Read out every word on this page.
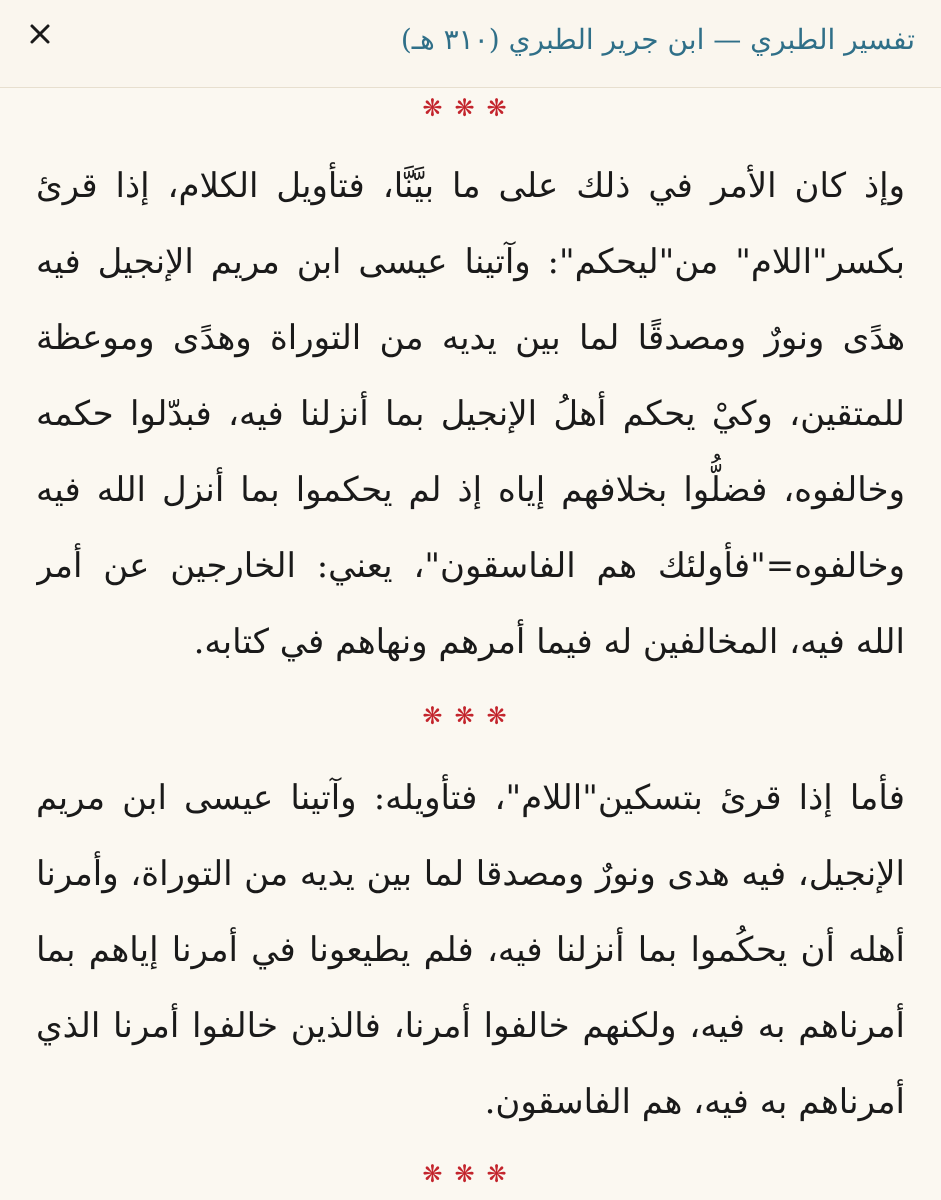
تفسير الطبري — ابن جرير الطبري (٣١٠ هـ)
❋❋❋

وإذ كان الأمر في ذلك على ما بيَّنَّا، فتأويل الكلام، إذا قرئ بكسر"اللام" من"ليحكم": وآتينا عيسى ابن مريم الإنجيل فيه هدًى ونورٌ ومصدقًا لما بين يديه من التوراة وهدًى وموعظة للمتقين، وكيْ يحكم أهلُ الإنجيل بما أنزلنا فيه، فبدّلوا حكمه وخالفوه، فضلُّوا بخلافهم إياه إذ لم يحكموا بما أنزل الله فيه وخالفوه="فأولئك هم الفاسقون"، يعني: الخارجين عن أمر الله فيه، المخالفين له فيما أمرهم ونهاهم في كتابه.

❋❋❋

فأما إذا قرئ بتسكين"اللام"، فتأويله: وآتينا عيسى ابن مريم الإنجيل، فيه هدى ونورٌ ومصدقا لما بين يديه من التوراة، وأمرنا أهله أن يحكُموا بما أنزلنا فيه، فلم يطيعونا في أمرنا إياهم بما أمرناهم به فيه، ولكنهم خالفوا أمرنا، فالذين خالفوا أمرنا الذي أمرناهم به فيه، هم الفاسقون.

❋❋❋
